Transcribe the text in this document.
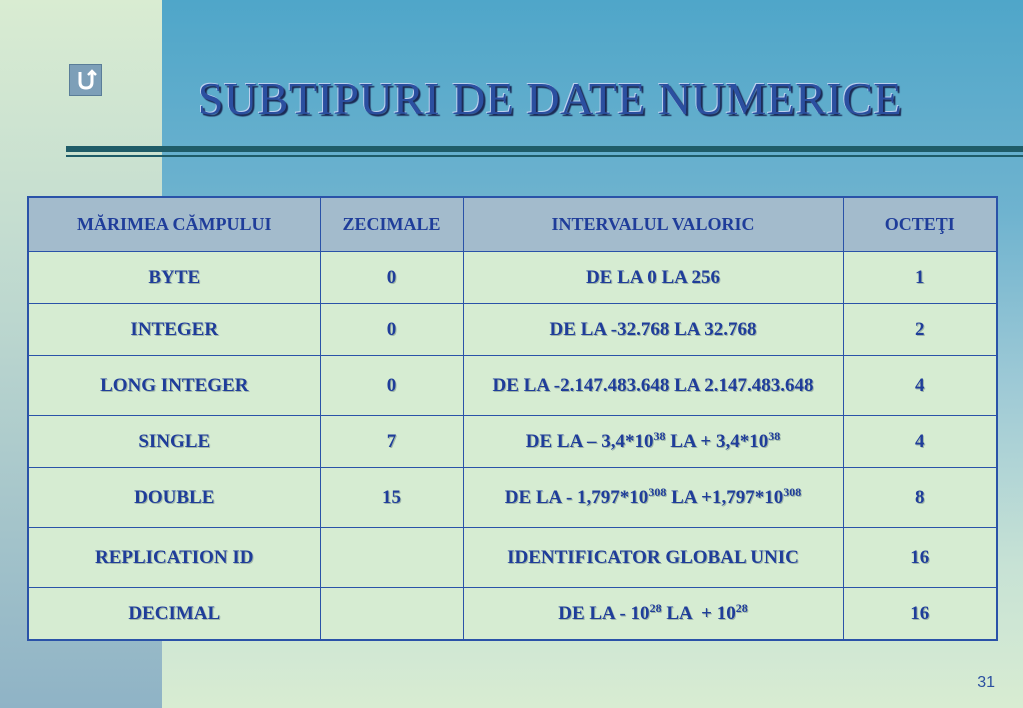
SUBTIPURI DE DATE NUMERICE
MĂRIMEA CĂMPULUI	ZECIMALE	INTERVALUL VALORIC	OCTEŢI
BYTE	0	DE LA 0 LA 256	1
INTEGER	0	DE LA -32.768 LA 32.768	2
LONG INTEGER	0	DE LA -2.147.483.648 LA 2.147.483.648	4
SINGLE	7	DE LA – $3,4*10^{38}$ LA + $3,4*10^{38}$	4
DOUBLE	15	DE LA - $1,797*10^{308}$ LA $+1,797*10^{308}$	8
REPLICATION ID		IDENTIFICATOR GLOBAL UNIC	16
DECIMAL		DE LA - $10^{28}$ LA  + $10^{28}$	16
31
